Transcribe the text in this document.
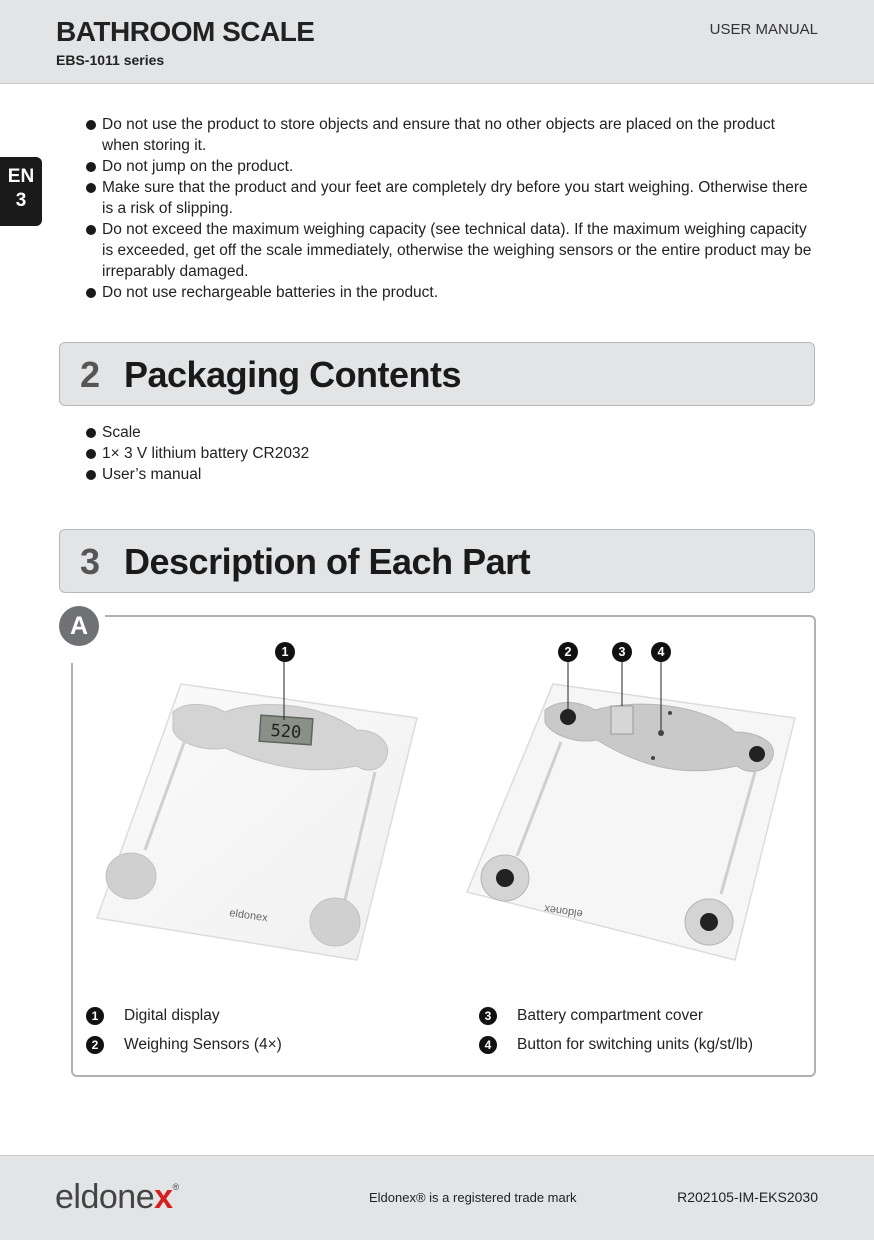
BATHROOM SCALE
EBS-1011 series
USER MANUAL
EN
3
Do not use the product to store objects and ensure that no other objects are placed on the product when storing it.
Do not jump on the product.
Make sure that the product and your feet are completely dry before you start weighing. Otherwise there is a risk of slipping.
Do not exceed the maximum weighing capacity (see technical data). If the maximum weighing capacity is exceeded, get off the scale immediately, otherwise the weighing sensors or the entire product may be irreparably damaged.
Do not use rechargeable batteries in the product.
2 Packaging Contents
Scale
1× 3 V lithium battery CR2032
User’s manual
3 Description of Each Part
A
520
eldonex
1
eldonex
2	3	4
1 Digital display
2 Weighing Sensors (4×)
3 Battery compartment cover
4 Button for switching units (kg/st/lb)
eldonex®
Eldonex® is a registered trade mark	R202105-IM-EKS2030
